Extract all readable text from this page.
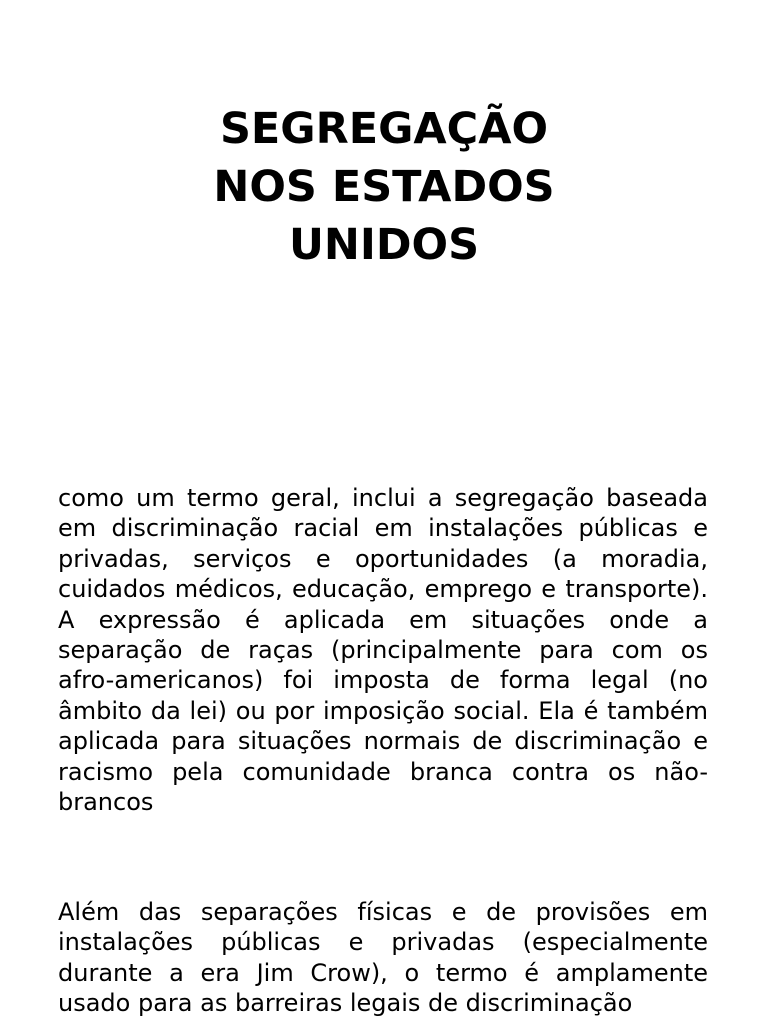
SEGREGAÇÃO
NOS ESTADOS
UNIDOS

como um termo geral, inclui a segregação baseada em discriminação racial em instalações públicas e privadas, serviços e oportunidades (a moradia, cuidados médicos, educação, emprego e transporte). A expressão é aplicada em situações onde a separação de raças (principalmente para com os afro-americanos) foi imposta de forma legal (no âmbito da lei) ou por imposição social. Ela é também aplicada para situações normais de discriminação e racismo pela comunidade branca contra os não-brancos

Além das separações físicas e de provisões em instalações públicas e privadas (especialmente durante a era Jim Crow), o termo é amplamente usado para as barreiras legais de discriminação
